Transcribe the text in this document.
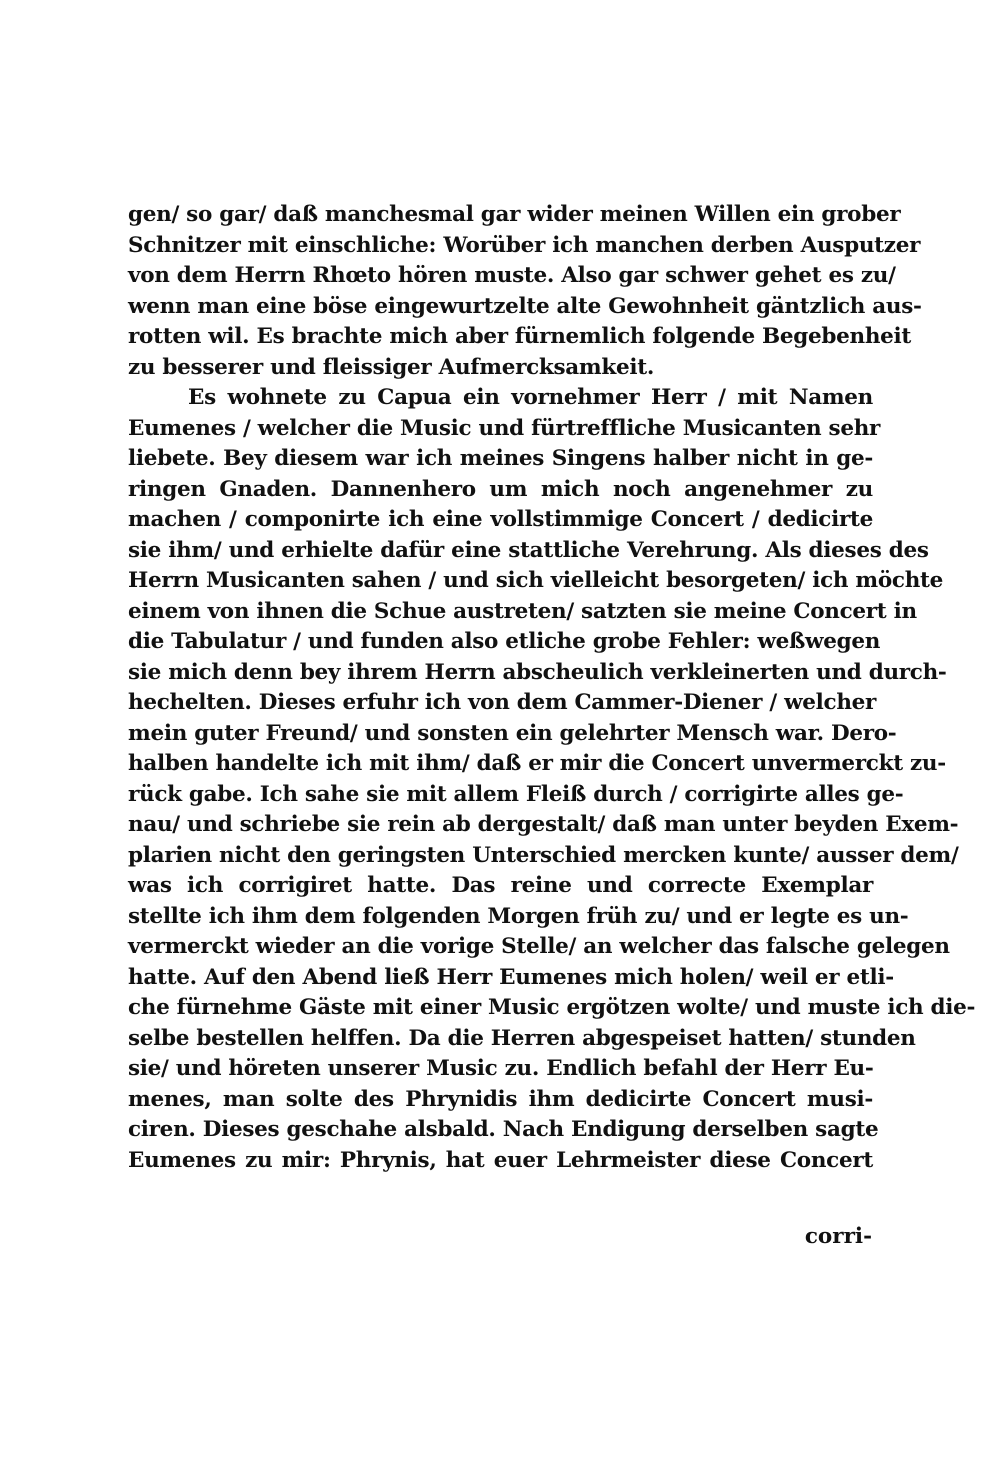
gen/ so gar/ daß manchesmal gar wider meinen Willen ein grober
Schnitzer mit einschliche: Worüber ich manchen derben Ausputzer
von dem Herrn Rhœto hören muste. Also gar schwer gehet es zu/
wenn man eine böse eingewurtzelte alte Gewohnheit gäntzlich aus-
rotten wil. Es brachte mich aber fürnemlich folgende Begebenheit
zu besserer und fleissiger Aufmercksamkeit.
Es wohnete zu Capua ein vornehmer Herr / mit Namen
Eumenes / welcher die Music und fürtreffliche Musicanten sehr
liebete. Bey diesem war ich meines Singens halber nicht in ge-
ringen Gnaden. Dannenhero um mich noch angenehmer zu
machen / componirte ich eine vollstimmige Concert / dedicirte
sie ihm/ und erhielte dafür eine stattliche Verehrung. Als dieses des
Herrn Musicanten sahen / und sich vielleicht besorgeten/ ich möchte
einem von ihnen die Schue austreten/ satzten sie meine Concert in
die Tabulatur / und funden also etliche grobe Fehler: weßwegen
sie mich denn bey ihrem Herrn abscheulich verkleinerten und durch-
hechelten. Dieses erfuhr ich von dem Cammer-Diener / welcher
mein guter Freund/ und sonsten ein gelehrter Mensch war. Dero-
halben handelte ich mit ihm/ daß er mir die Concert unvermerckt zu-
rück gabe. Ich sahe sie mit allem Fleiß durch / corrigirte alles ge-
nau/ und schriebe sie rein ab dergestalt/ daß man unter beyden Exem-
plarien nicht den geringsten Unterschied mercken kunte/ ausser dem/
was ich corrigiret hatte. Das reine und correcte Exemplar
stellte ich ihm dem folgenden Morgen früh zu/ und er legte es un-
vermerckt wieder an die vorige Stelle/ an welcher das falsche gelegen
hatte. Auf den Abend ließ Herr Eumenes mich holen/ weil er etli-
che fürnehme Gäste mit einer Music ergötzen wolte/ und muste ich die-
selbe bestellen helffen. Da die Herren abgespeiset hatten/ stunden
sie/ und höreten unserer Music zu. Endlich befahl der Herr Eu-
menes, man solte des Phrynidis ihm dedicirte Concert musi-
ciren. Dieses geschahe alsbald. Nach Endigung derselben sagte
Eumenes zu mir: Phrynis, hat euer Lehrmeister diese Concert
corri-
